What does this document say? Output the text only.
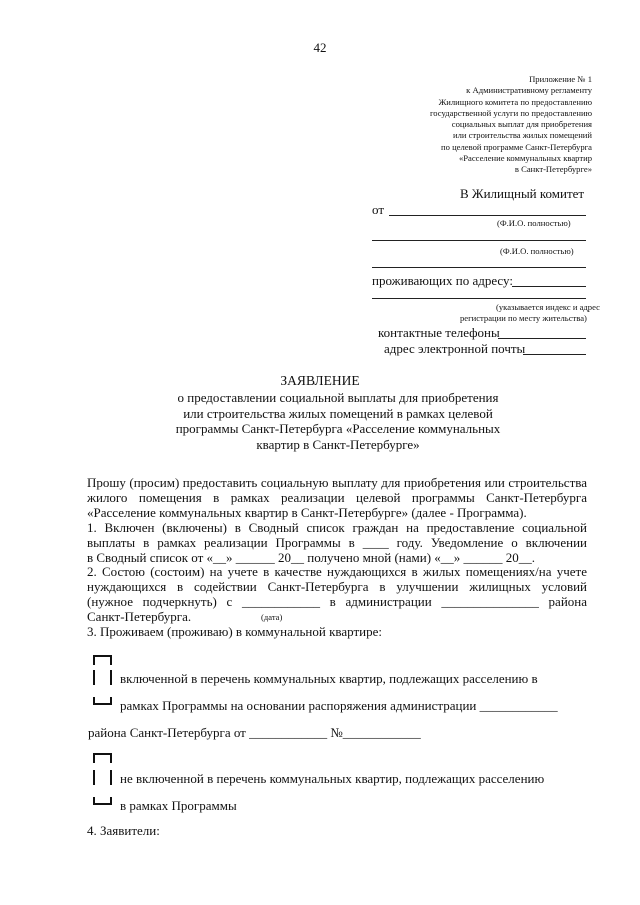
42
Приложение № 1
к Административному регламенту
Жилищного комитета по предоставлению
государственной услуги по предоставлению
социальных выплат для приобретения
или строительства жилых помещений
по целевой программе Санкт-Петербурга
«Расселение коммунальных квартир
в Санкт-Петербурге»
В Жилищный комитет
от
(Ф.И.О. полностью)
(Ф.И.О. полностью)
проживающих по адресу:
(указывается индекс и адрес
регистрации по месту жительства)
контактные телефоны
адрес электронной почты
ЗАЯВЛЕНИЕ
о предоставлении социальной выплаты для приобретения или строительства жилых помещений в рамках целевой программы Санкт-Петербурга «Расселение коммунальных квартир в Санкт-Петербурге»
Прошу (просим) предоставить социальную выплату для приобретения или строительства
жилого помещения в рамках реализации целевой программы Санкт-Петербурга
«Расселение коммунальных квартир в Санкт-Петербурге» (далее - Программа).
1. Включен (включены) в Сводный список граждан на предоставление социальной
выплаты в рамках реализации Программы в ____ году. Уведомление о включении
в Сводный список от «__» ______ 20__ получено мной (нами) «__» ______ 20__.
2. Состою (состоим) на учете в качестве нуждающихся в жилых помещениях/на учете
нуждающихся в содействии Санкт-Петербурга в улучшении жилищных условий
(нужное подчеркнуть) с ____________ в администрации _______________ района
Санкт-Петербурга.	(дата)
3. Проживаем (проживаю) в коммунальной квартире:
включенной в перечень коммунальных квартир, подлежащих расселению в
рамках Программы на основании распоряжения администрации ____________
района Санкт-Петербурга от ____________ №____________
не включенной в перечень коммунальных квартир, подлежащих расселению
в рамках Программы
4. Заявители:
